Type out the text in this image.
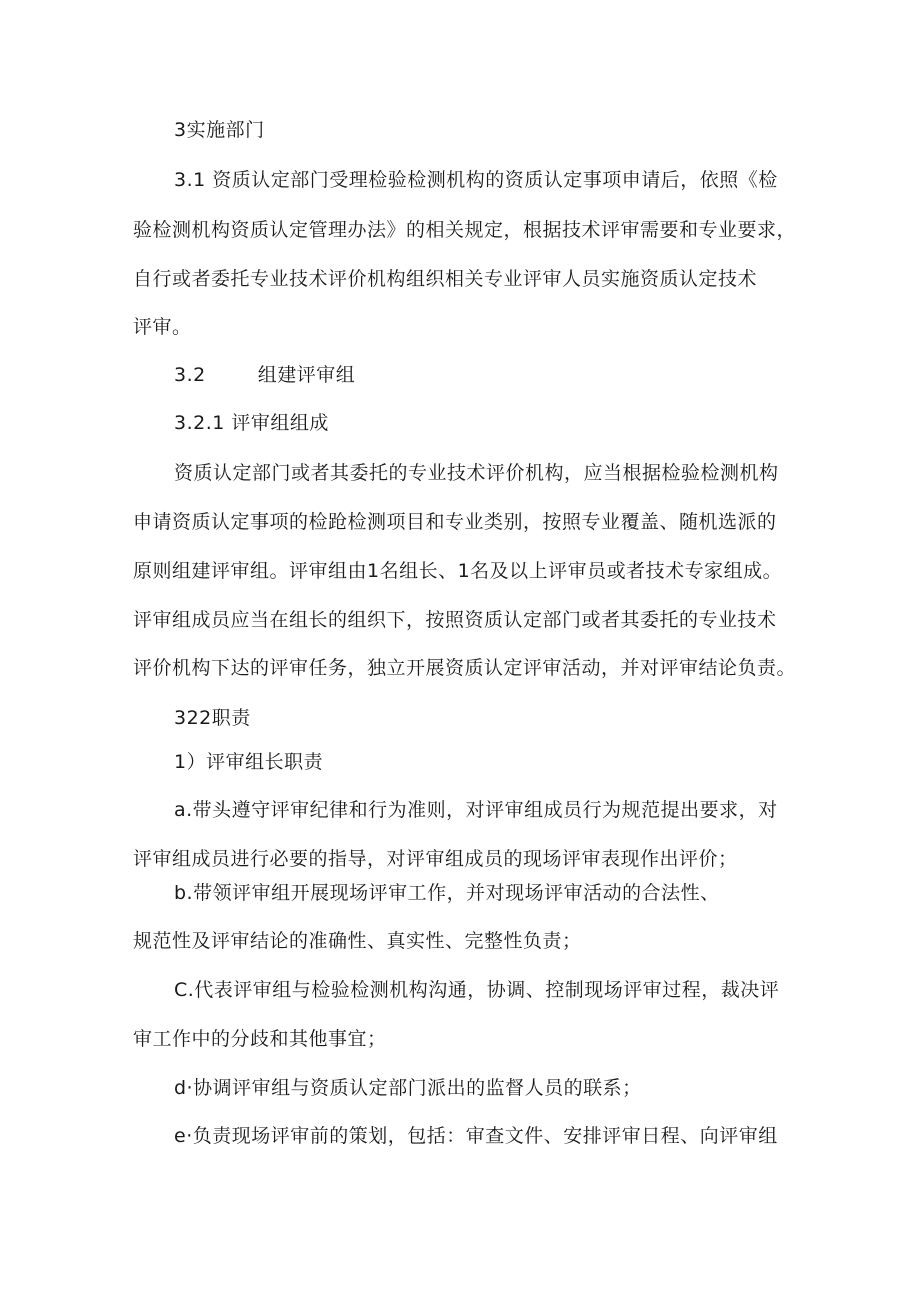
3实施部门
3.1 资质认定部门受理检验检测机构的资质认定事项申请后，依照《检
验检测机构资质认定管理办法》的相关规定，根据技术评审需要和专业要求，
自行或者委托专业技术评价机构组织相关专业评审人员实施资质认定技术
评审。
3.2	组建评审组
3.2.1 评审组组成
资质认定部门或者其委托的专业技术评价机构，应当根据检验检测机构
申请资质认定事项的检跄检测项目和专业类别，按照专业覆盖、随机选派的
原则组建评审组。评审组由1名组长、1名及以上评审员或者技术专家组成。
评审组成员应当在组长的组织下，按照资质认定部门或者其委托的专业技术
评价机构下达的评审任务，独立开展资质认定评审活动，并对评审结论负责。
322职责
1）评审组长职责
a.带头遵守评审纪律和行为准则，对评审组成员行为规范提出要求，对
评审组成员进行必要的指导，对评审组成员的现场评审表现作出评价；
b.带领评审组开展现场评审工作，并对现场评审活动的合法性、
规范性及评审结论的准确性、真实性、完整性负责；
C.代表评审组与检验检测机构沟通，协调、控制现场评审过程，裁决评
审工作中的分歧和其他事宜；
d·协调评审组与资质认定部门派出的监督人员的联系；
e·负责现场评审前的策划，包括：审查文件、安排评审日程、向评审组
